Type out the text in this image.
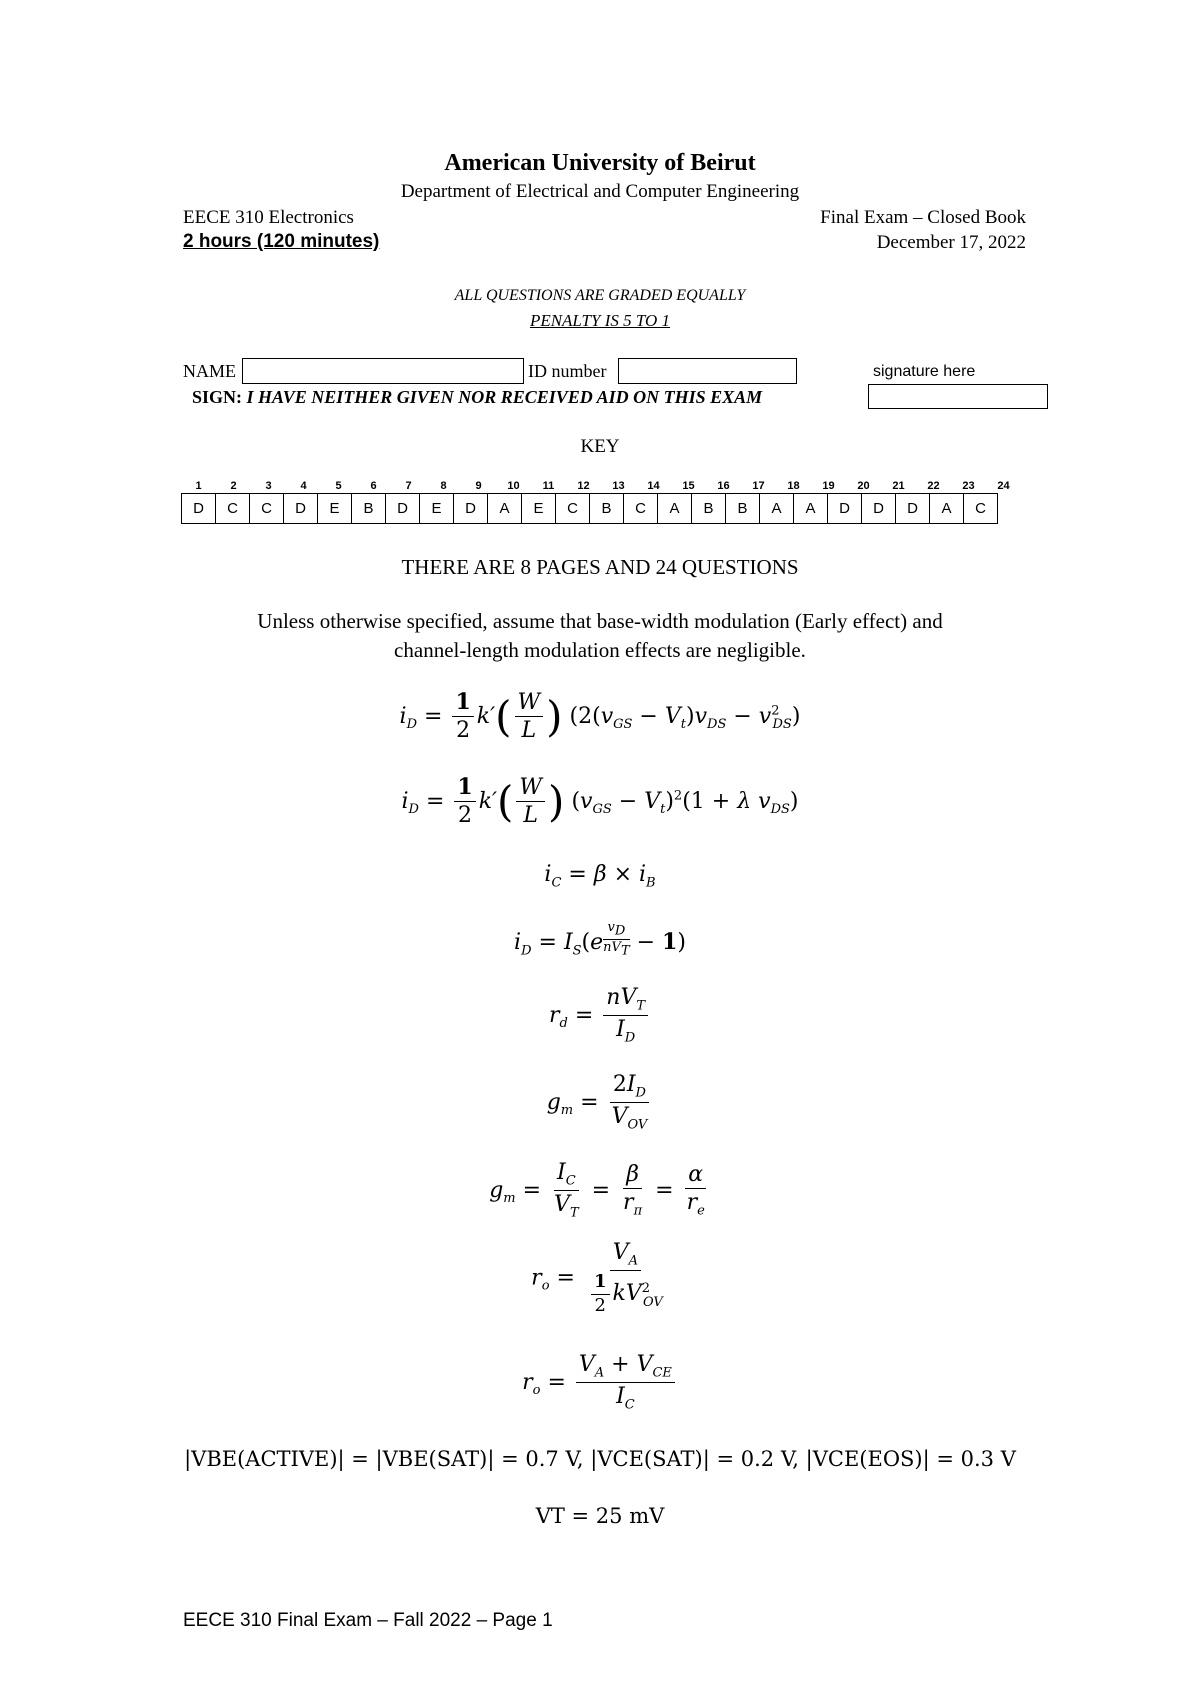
American University of Beirut
Department of Electrical and Computer Engineering
EECE 310 Electronics	Final Exam – Closed Book
2 hours (120 minutes)	December 17, 2022
ALL QUESTIONS ARE GRADED EQUALLY
PENALTY IS 5 TO 1
NAME	ID number	signature here
SIGN: I HAVE NEITHER GIVEN NOR RECEIVED AID ON THIS EXAM
KEY
1	2	3	4	5	6	7	8	9 10 11 12 13 14 15 16 17 18 19 20 21 22 23 24
D	C	C	D	E	B	D	E	D	A	E	C	B	C	A	B	B	A	A	D	D	D	A	C
THERE ARE 8 PAGES AND 24 QUESTIONS
Unless otherwise specified, assume that base-width modulation (Early effect) and
channel-length modulation effects are negligible.
$i_D = \frac{1}{2} k'( \frac{W}{L}$ ) $(2(v_{GS} - V_t)v_{DS} - v^2_{DS})$
$i_D = \frac{1}{2} k'( \frac{W}{L}$ ) $(v_{GS} - V_t)^2(1 + \lambda$ $v_{DS}$)
$i_C = \beta \times i_B$
$i_D = I_S(e$
$^{v_D nV_T}$ − 1)
$r_d = \frac{nV_T}{I_D}$
$g_m = \frac{2I_D}{V_{OV}}$
$g_m = \frac{I_C}{V_T} = \frac{\beta}{r_\pi} = \frac{\alpha}{r_e}$
$r_o = \frac{V_A}{\frac{1}{2} kV^2_{OV}}$
$r_o = \frac{V_A + V_{CE}}{I_C}$
|VBE(ACTIVE)| = |VBE(SAT)| = 0.7 V, |VCE(SAT)| = 0.2 V, |VCE(EOS)| = 0.3 V
VT = 25 mV
EECE 310 Final Exam – Fall 2022 – Page 1
